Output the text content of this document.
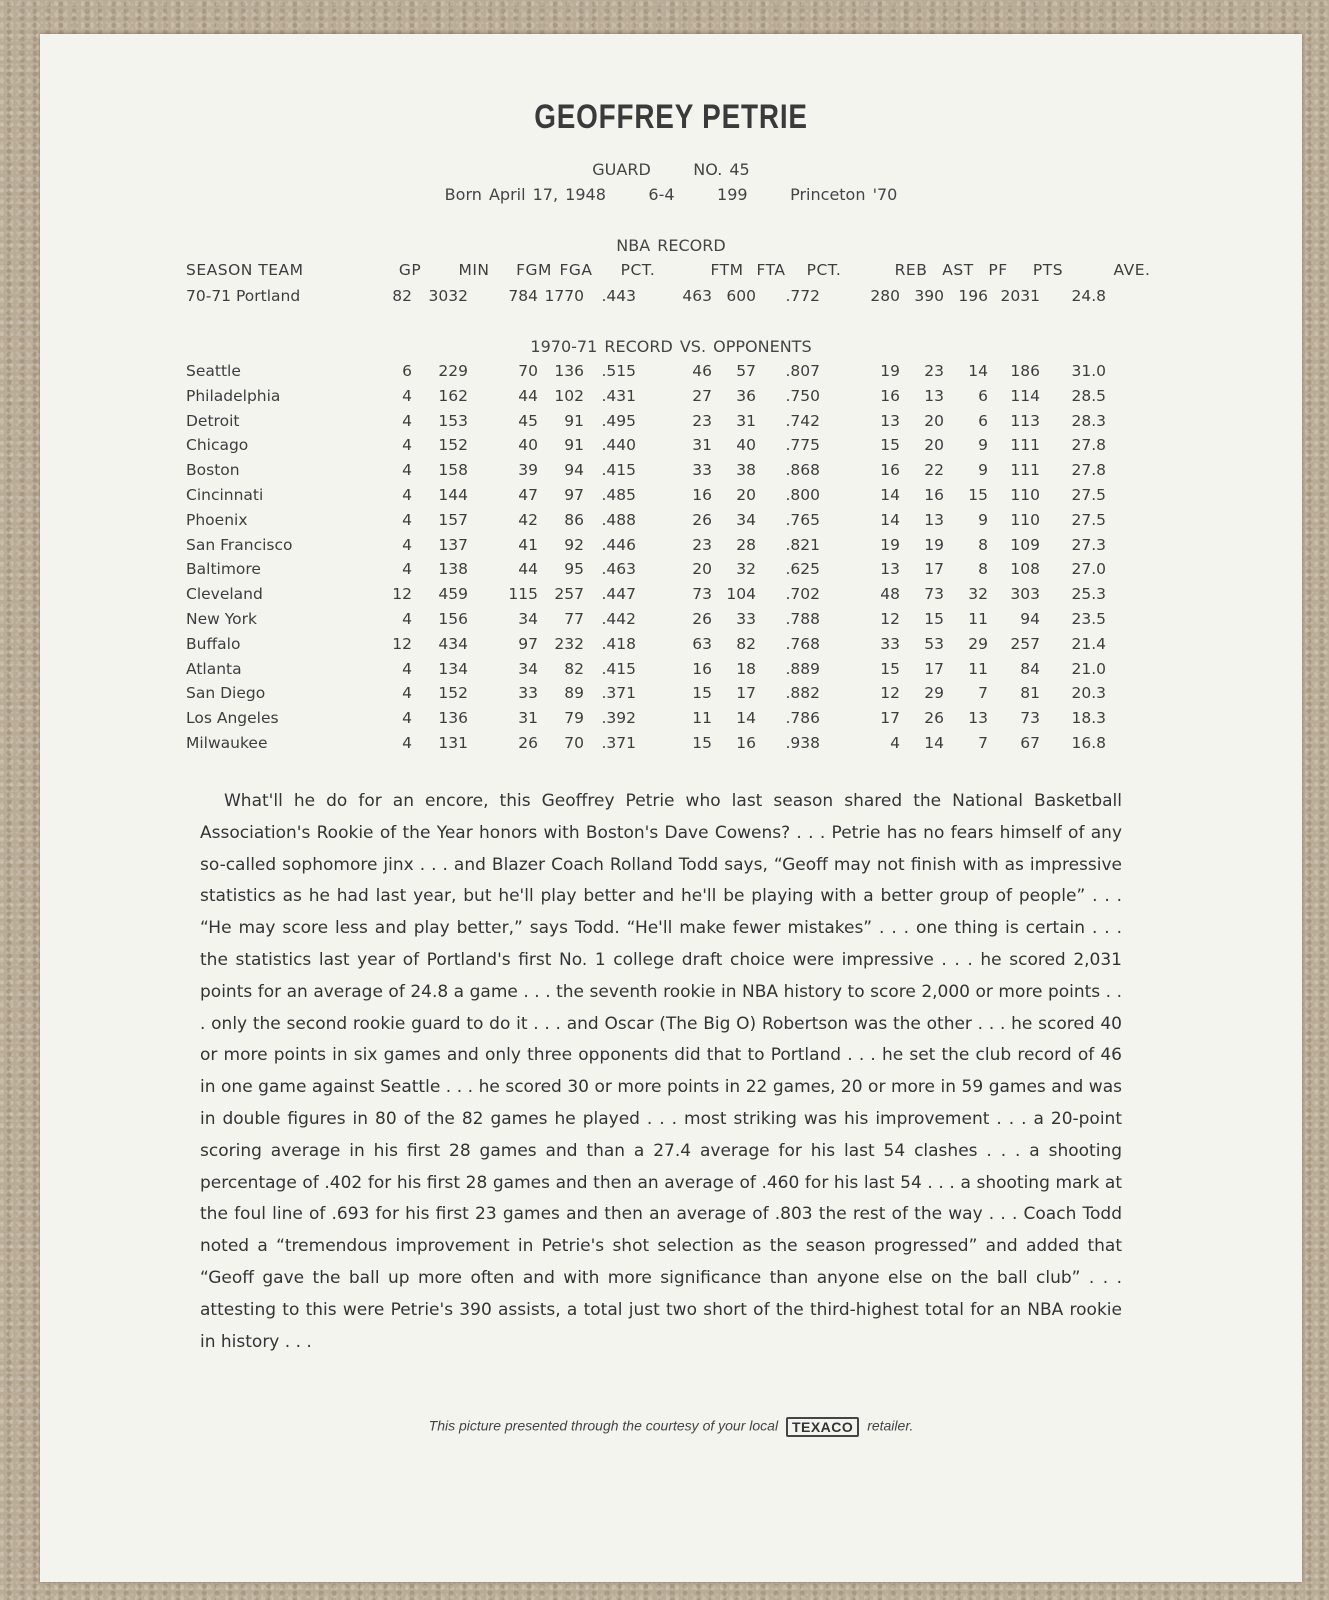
GEOFFREY PETRIE
GUARD	NO. 45
Born April 17, 1948	6-4	199	Princeton '70
NBA RECORD
SEASON TEAM	GP MIN FGM FGA PCT.	FTM FTA PCT.	REB AST PF PTS	AVE.
70-71 Portland	82 3032	784 1770 .443	463 600 .772	280 390 196 2031 24.8
1970-71 RECORD VS. OPPONENTS
Seattle	6 229	70 136 .515	46 57 .807	19 23 14 186 31.0
Philadelphia	4 162	44 102 .431	27 36 .750	16 13 6 114 28.5
Detroit	4 153	45 91 .495	23 31 .742	13 20 6 113 28.3
Chicago	4 152	40 91 .440	31 40 .775	15 20 9 111 27.8
Boston	4 158	39 94 .415	33 38 .868	16 22 9 111 27.8
Cincinnati	4 144	47 97 .485	16 20 .800	14 16 15 110 27.5
Phoenix	4 157	42 86 .488	26 34 .765	14 13 9 110 27.5
San Francisco	4 137	41 92 .446	23 28 .821	19 19 8 109 27.3
Baltimore	4 138	44 95 .463	20 32 .625	13 17 8 108 27.0
Cleveland	12 459	115 257 .447	73 104 .702	48 73 32 303 25.3
New York	4 156	34 77 .442	26 33 .788	12 15 11 94 23.5
Buffalo	12 434	97 232 .418	63 82 .768	33 53 29 257 21.4
Atlanta	4 134	34 82 .415	16 18 .889	15 17 11 84 21.0
San Diego	4 152	33 89 .371	15 17 .882	12 29 7 81 20.3
Los Angeles	4 136	31 79 .392	11 14 .786	17 26 13 73 18.3
Milwaukee	4 131	26 70 .371	15 16 .938	4 14 7 67 16.8
What'll he do for an encore, this Geoffrey Petrie who last season shared the National Basketball Association's Rookie of the Year honors with Boston's Dave Cowens? . . . Petrie has no fears himself of any so-called sophomore jinx . . . and Blazer Coach Rolland Todd says, “Geoff may not finish with as impressive statistics as he had last year, but he'll play better and he'll be playing with a better group of people” . . . “He may score less and play better,” says Todd. “He'll make fewer mistakes” . . . one thing is certain . . . the statistics last year of Portland's first No. 1 college draft choice were impressive . . . he scored 2,031 points for an average of 24.8 a game . . . the seventh rookie in NBA history to score 2,000 or more points . . . only the second rookie guard to do it . . . and Oscar (The Big O) Robertson was the other . . . he scored 40 or more points in six games and only three opponents did that to Portland . . . he set the club record of 46 in one game against Seattle . . . he scored 30 or more points in 22 games, 20 or more in 59 games and was in double figures in 80 of the 82 games he played . . . most striking was his improvement . . . a 20-point scoring average in his first 28 games and than a 27.4 average for his last 54 clashes . . . a shooting percentage of .402 for his first 28 games and then an average of .460 for his last 54 . . . a shooting mark at the foul line of .693 for his first 23 games and then an average of .803 the rest of the way . . . Coach Todd noted a “tremendous improvement in Petrie's shot selection as the season progressed” and added that “Geoff gave the ball up more often and with more significance than anyone else on the ball club” . . . attesting to this were Petrie's 390 assists, a total just two short of the third-highest total for an NBA rookie in history . . .
This picture presented through the courtesy of your local TEXACO retailer.
